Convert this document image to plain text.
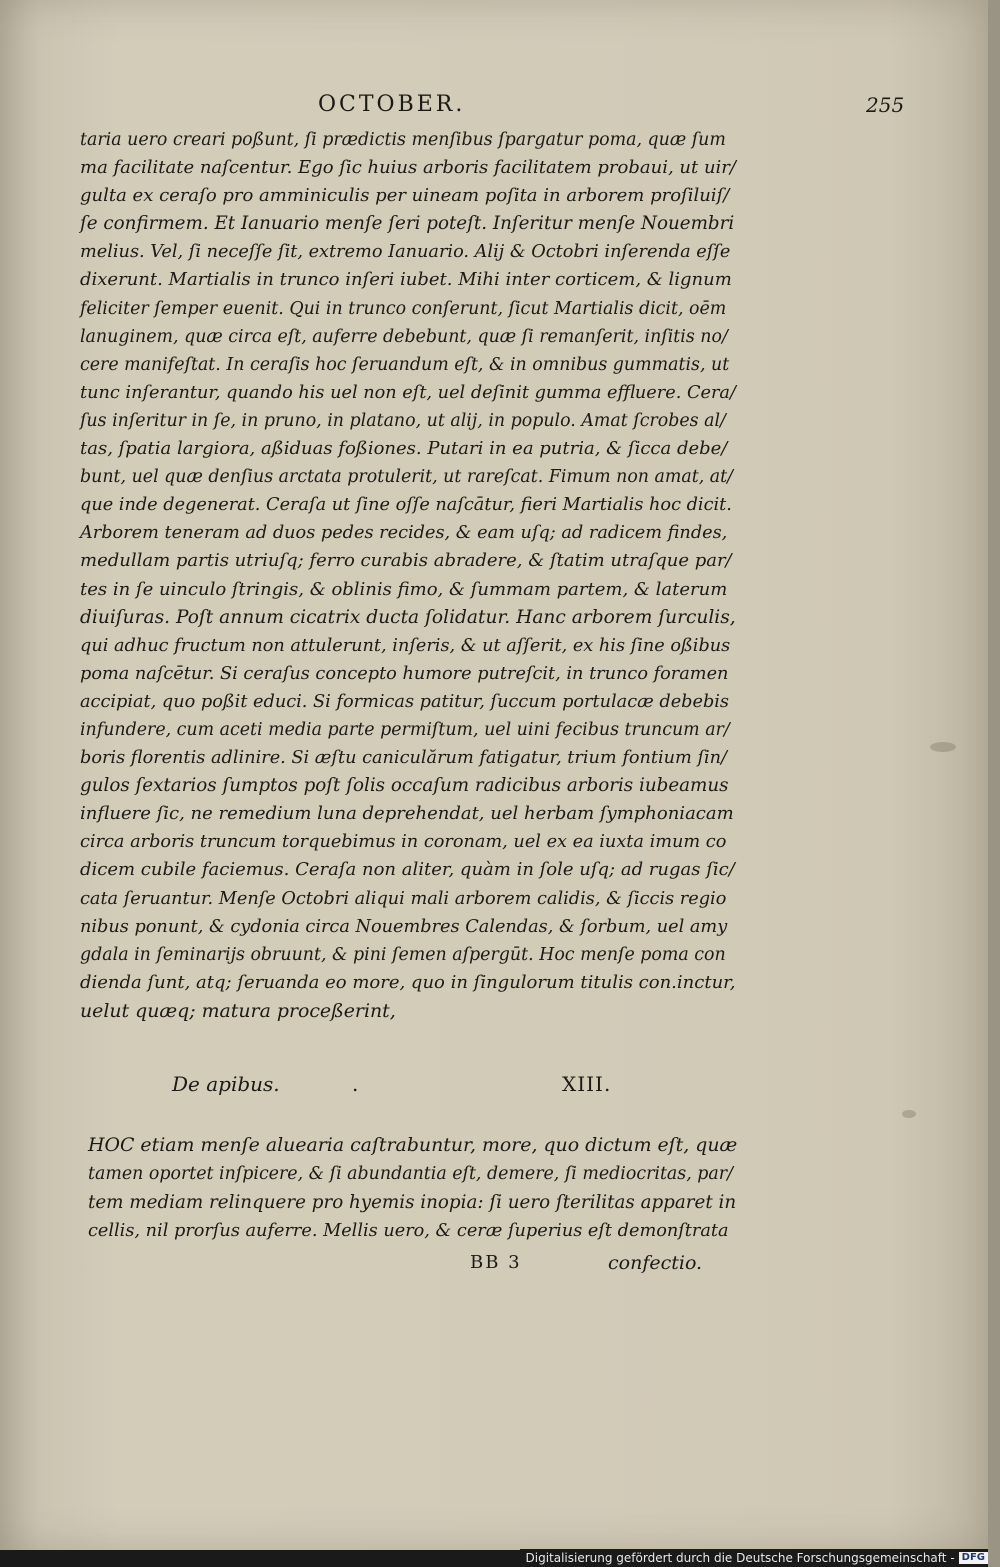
OCTOBER.	255
taria uero creari poßunt, ſi prædictis menſibus ſpargatur poma, quæ ſum
ma facilitate naſcentur. Ego ſic huius arboris facilitatem probaui, ut uir/
gulta ex ceraſo pro amminiculis per uineam poſita in arborem proſiluiſ/
ſe confirmem. Et Ianuario menſe ſeri poteſt. Inſeritur menſe Nouembri
melius. Vel, ſi neceſſe ſit, extremo Ianuario. Alij & Octobri inſerenda eſſe
dixerunt. Martialis in trunco inſeri iubet. Mihi inter corticem, & lignum
feliciter ſemper euenit. Qui in trunco conſerunt, ſicut Martialis dicit, oēm
lanuginem, quæ circa eſt, auferre debebunt, quæ ſi remanſerit, inſitis no/
cere manifeſtat. In ceraſis hoc ſeruandum eſt, & in omnibus gummatis, ut
tunc inſerantur, quando his uel non eſt, uel deſinit gumma effluere. Cera/
ſus inſeritur in ſe, in pruno, in platano, ut alij, in populo. Amat ſcrobes al/
tas, ſpatia largiora, aßiduas foßiones. Putari in ea putria, & ſicca debe/
bunt, uel quæ denſius arctata protulerit, ut rareſcat. Fimum non amat, at/
que inde degenerat. Ceraſa ut ſine oſſe naſcātur, fieri Martialis hoc dicit.
Arborem teneram ad duos pedes recides, & eam uſq; ad radicem findes,
medullam partis utriuſq; ferro curabis abradere, & ſtatim utraſque par/
tes in ſe uinculo ſtringis, & oblinis fimo, & ſummam partem, & laterum
diuiſuras. Poſt annum cicatrix ducta ſolidatur. Hanc arborem ſurculis,
qui adhuc fructum non attulerunt, inſeris, & ut aſſerit, ex his ſine oßibus
poma naſcētur. Si ceraſus concepto humore putreſcit, in trunco foramen
accipiat, quo poßit educi. Si formicas patitur, ſuccum portulacæ debebis
infundere, cum aceti media parte permiſtum, uel uini fecibus truncum ar/
boris florentis adlinire. Si æſtu caniculărum fatigatur, trium fontium ſin/
gulos ſextarios ſumptos poſt ſolis occaſum radicibus arboris iubeamus
influere ſic, ne remedium luna deprehendat, uel herbam ſymphoniacam
circa arboris truncum torquebimus in coronam, uel ex ea iuxta imum co
dicem cubile faciemus. Ceraſa non aliter, quàm in ſole uſq; ad rugas ſic/
cata ſeruantur. Menſe Octobri aliqui mali arborem calidis, & ſiccis regio
nibus ponunt, & cydonia circa Nouembres Calendas, & ſorbum, uel amy
gdala in ſeminarijs obruunt, & pini ſemen aſpergūt. Hoc menſe poma con
dienda ſunt, atq; ſeruanda eo more, quo in ſingulorum titulis con.inctur,
uelut quæq; matura proceßerint,
De apibus.	.	XIII.
HOC etiam menſe aluearia caſtrabuntur, more, quo dictum eſt, quæ
tamen oportet inſpicere, & ſi abundantia eſt, demere, ſi mediocritas, par/
tem mediam relinquere pro hyemis inopia: ſi uero ſterilitas apparet in
cellis, nil prorſus auferre. Mellis uero, & ceræ ſuperius eſt demonſtrata
BB 3	confectio.
Digitalisierung gefördert durch die Deutsche Forschungsgemeinschaft - DFG
